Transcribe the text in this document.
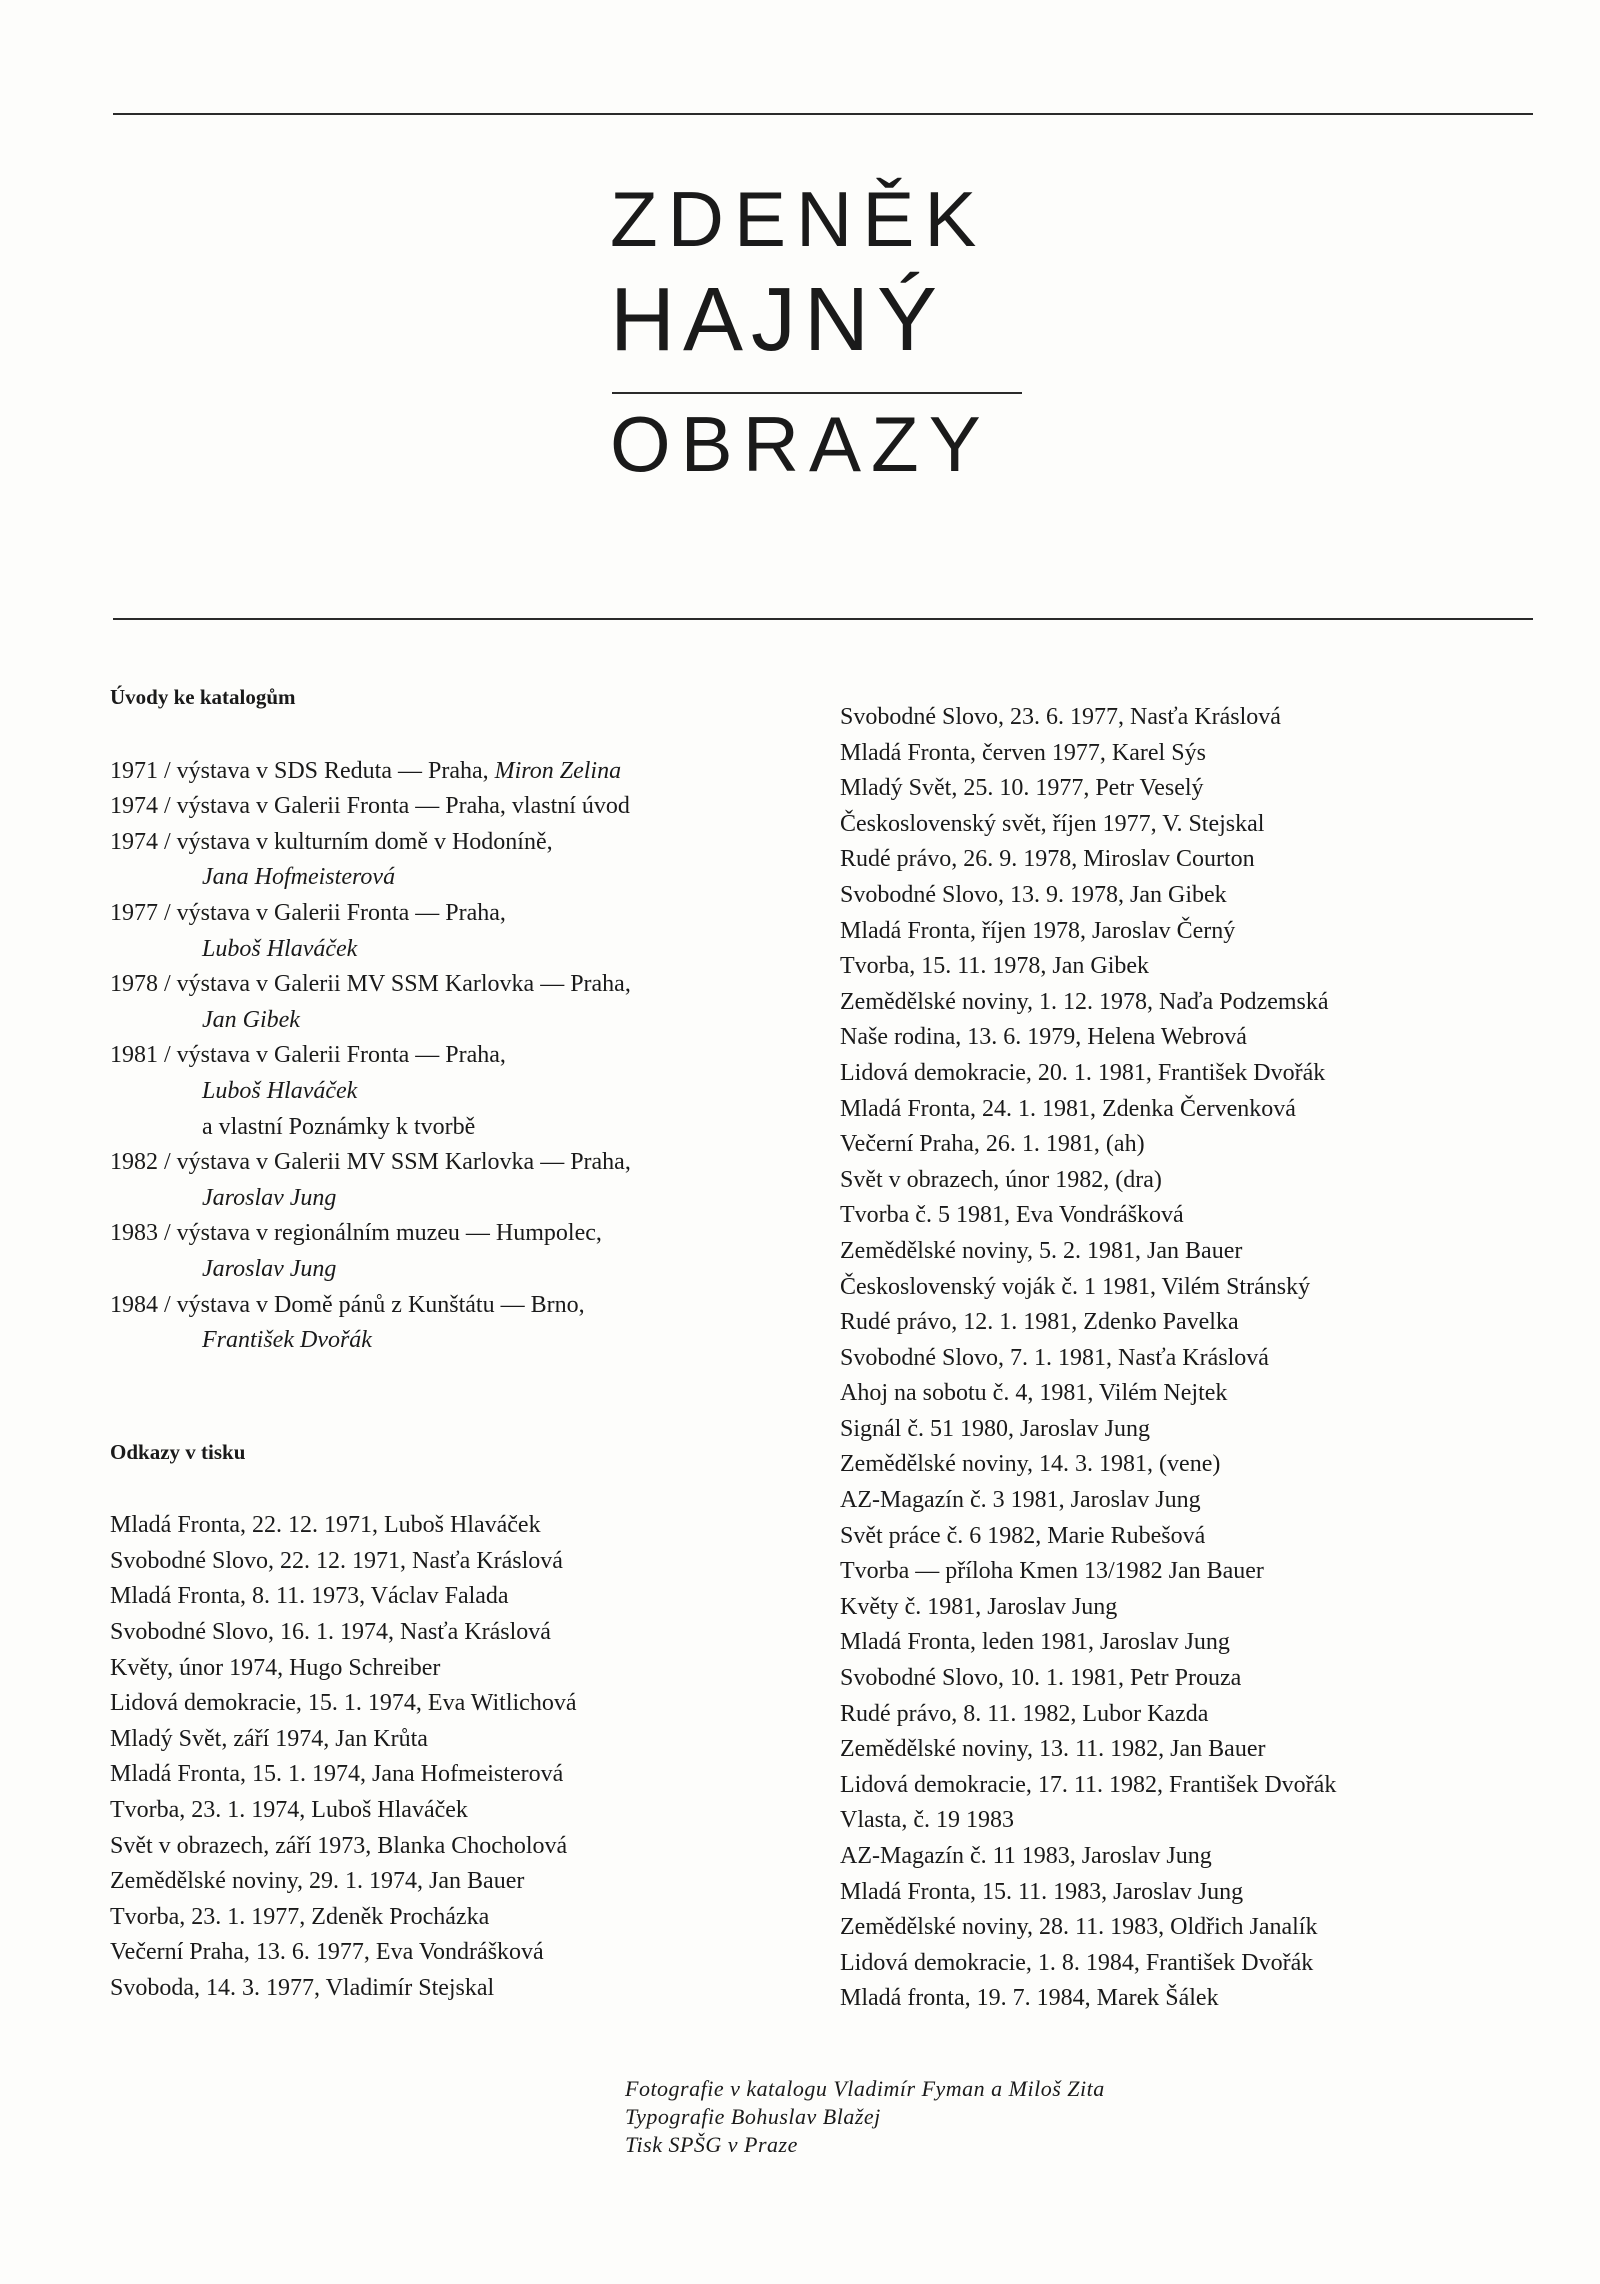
ZDENĚK
HAJNÝ
OBRAZY
Úvody ke katalogům
1971 / výstava v SDS Reduta — Praha, Miron Zelina
1974 / výstava v Galerii Fronta — Praha, vlastní úvod
1974 / výstava v kulturním domě v Hodoníně,
Jana Hofmeisterová
1977 / výstava v Galerii Fronta — Praha,
Luboš Hlaváček
1978 / výstava v Galerii MV SSM Karlovka — Praha,
Jan Gibek
1981 / výstava v Galerii Fronta — Praha,
Luboš Hlaváček
a vlastní Poznámky k tvorbě
1982 / výstava v Galerii MV SSM Karlovka — Praha,
Jaroslav Jung
1983 / výstava v regionálním muzeu — Humpolec,
Jaroslav Jung
1984 / výstava v Domě pánů z Kunštátu — Brno,
František Dvořák
Odkazy v tisku
Mladá Fronta, 22. 12. 1971, Luboš Hlaváček
Svobodné Slovo, 22. 12. 1971, Nasťa Kráslová
Mladá Fronta, 8. 11. 1973, Václav Falada
Svobodné Slovo, 16. 1. 1974, Nasťa Kráslová
Květy, únor 1974, Hugo Schreiber
Lidová demokracie, 15. 1. 1974, Eva Witlichová
Mladý Svět, září 1974, Jan Krůta
Mladá Fronta, 15. 1. 1974, Jana Hofmeisterová
Tvorba, 23. 1. 1974, Luboš Hlaváček
Svět v obrazech, září 1973, Blanka Chocholová
Zemědělské noviny, 29. 1. 1974, Jan Bauer
Tvorba, 23. 1. 1977, Zdeněk Procházka
Večerní Praha, 13. 6. 1977, Eva Vondrášková
Svoboda, 14. 3. 1977, Vladimír Stejskal
Svobodné Slovo, 23. 6. 1977, Nasťa Kráslová
Mladá Fronta, červen 1977, Karel Sýs
Mladý Svět, 25. 10. 1977, Petr Veselý
Československý svět, říjen 1977, V. Stejskal
Rudé právo, 26. 9. 1978, Miroslav Courton
Svobodné Slovo, 13. 9. 1978, Jan Gibek
Mladá Fronta, říjen 1978, Jaroslav Černý
Tvorba, 15. 11. 1978, Jan Gibek
Zemědělské noviny, 1. 12. 1978, Naďa Podzemská
Naše rodina, 13. 6. 1979, Helena Webrová
Lidová demokracie, 20. 1. 1981, František Dvořák
Mladá Fronta, 24. 1. 1981, Zdenka Červenková
Večerní Praha, 26. 1. 1981, (ah)
Svět v obrazech, únor 1982, (dra)
Tvorba č. 5 1981, Eva Vondrášková
Zemědělské noviny, 5. 2. 1981, Jan Bauer
Československý voják č. 1 1981, Vilém Stránský
Rudé právo, 12. 1. 1981, Zdenko Pavelka
Svobodné Slovo, 7. 1. 1981, Nasťa Kráslová
Ahoj na sobotu č. 4, 1981, Vilém Nejtek
Signál č. 51 1980, Jaroslav Jung
Zemědělské noviny, 14. 3. 1981, (vene)
AZ-Magazín č. 3 1981, Jaroslav Jung
Svět práce č. 6 1982, Marie Rubešová
Tvorba — příloha Kmen 13/1982 Jan Bauer
Květy č. 1981, Jaroslav Jung
Mladá Fronta, leden 1981, Jaroslav Jung
Svobodné Slovo, 10. 1. 1981, Petr Prouza
Rudé právo, 8. 11. 1982, Lubor Kazda
Zemědělské noviny, 13. 11. 1982, Jan Bauer
Lidová demokracie, 17. 11. 1982, František Dvořák
Vlasta, č. 19 1983
AZ-Magazín č. 11 1983, Jaroslav Jung
Mladá Fronta, 15. 11. 1983, Jaroslav Jung
Zemědělské noviny, 28. 11. 1983, Oldřich Janalík
Lidová demokracie, 1. 8. 1984, František Dvořák
Mladá fronta, 19. 7. 1984, Marek Šálek
Fotografie v katalogu Vladimír Fyman a Miloš Zita
Typografie Bohuslav Blažej
Tisk SPŠG v Praze
